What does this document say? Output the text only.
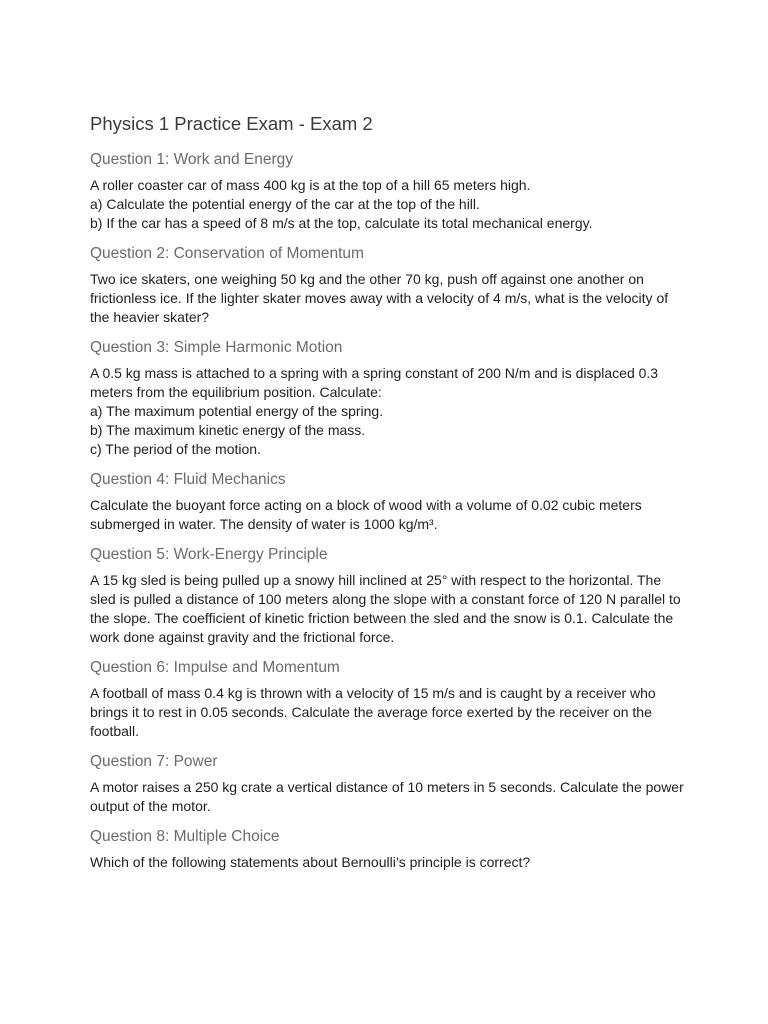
Physics 1 Practice Exam - Exam 2
Question 1: Work and Energy

A roller coaster car of mass 400 kg is at the top of a hill 65 meters high.
a) Calculate the potential energy of the car at the top of the hill.
b) If the car has a speed of 8 m/s at the top, calculate its total mechanical energy.

Question 2: Conservation of Momentum

Two ice skaters, one weighing 50 kg and the other 70 kg, push off against one another on
frictionless ice. If the lighter skater moves away with a velocity of 4 m/s, what is the velocity of
the heavier skater?

Question 3: Simple Harmonic Motion

A 0.5 kg mass is attached to a spring with a spring constant of 200 N/m and is displaced 0.3
meters from the equilibrium position. Calculate:
a) The maximum potential energy of the spring.
b) The maximum kinetic energy of the mass.
c) The period of the motion.

Question 4: Fluid Mechanics

Calculate the buoyant force acting on a block of wood with a volume of 0.02 cubic meters
submerged in water. The density of water is 1000 kg/m³.

Question 5: Work-Energy Principle

A 15 kg sled is being pulled up a snowy hill inclined at 25° with respect to the horizontal. The
sled is pulled a distance of 100 meters along the slope with a constant force of 120 N parallel to
the slope. The coefficient of kinetic friction between the sled and the snow is 0.1. Calculate the
work done against gravity and the frictional force.

Question 6: Impulse and Momentum

A football of mass 0.4 kg is thrown with a velocity of 15 m/s and is caught by a receiver who
brings it to rest in 0.05 seconds. Calculate the average force exerted by the receiver on the
football.

Question 7: Power

A motor raises a 250 kg crate a vertical distance of 10 meters in 5 seconds. Calculate the power
output of the motor.

Question 8: Multiple Choice

Which of the following statements about Bernoulli’s principle is correct?
